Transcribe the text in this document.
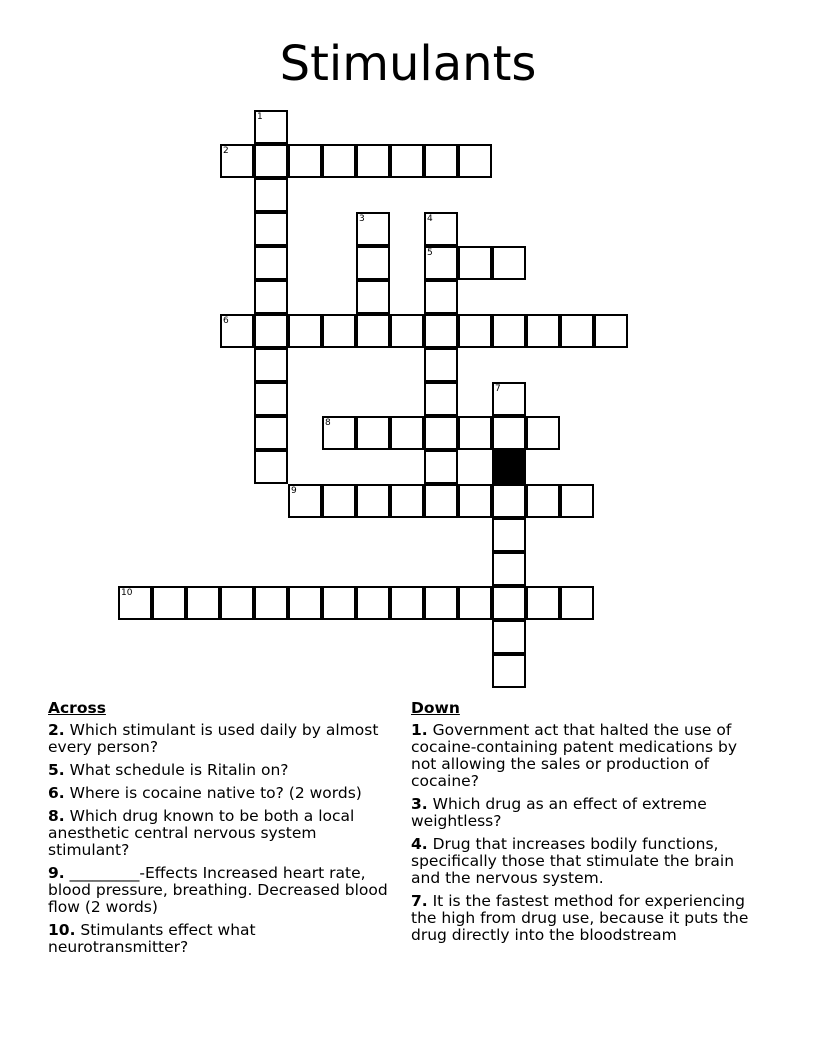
Stimulants
1
2
3	4
5
6
7
8
9
10
Across
2. Which stimulant is used daily by almost every person?
5. What schedule is Ritalin on?
6. Where is cocaine native to? (2 words)
8. Which drug known to be both a local anesthetic central nervous system stimulant?
9. _________-Effects Increased heart rate, blood pressure, breathing. Decreased blood flow (2 words)
10. Stimulants effect what neurotransmitter?
Down
1. Government act that halted the use of cocaine-containing patent medications by not allowing the sales or production of cocaine?
3. Which drug as an effect of extreme weightless?
4. Drug that increases bodily functions, specifically those that stimulate the brain and the nervous system.
7. It is the fastest method for experiencing the high from drug use, because it puts the drug directly into the bloodstream
